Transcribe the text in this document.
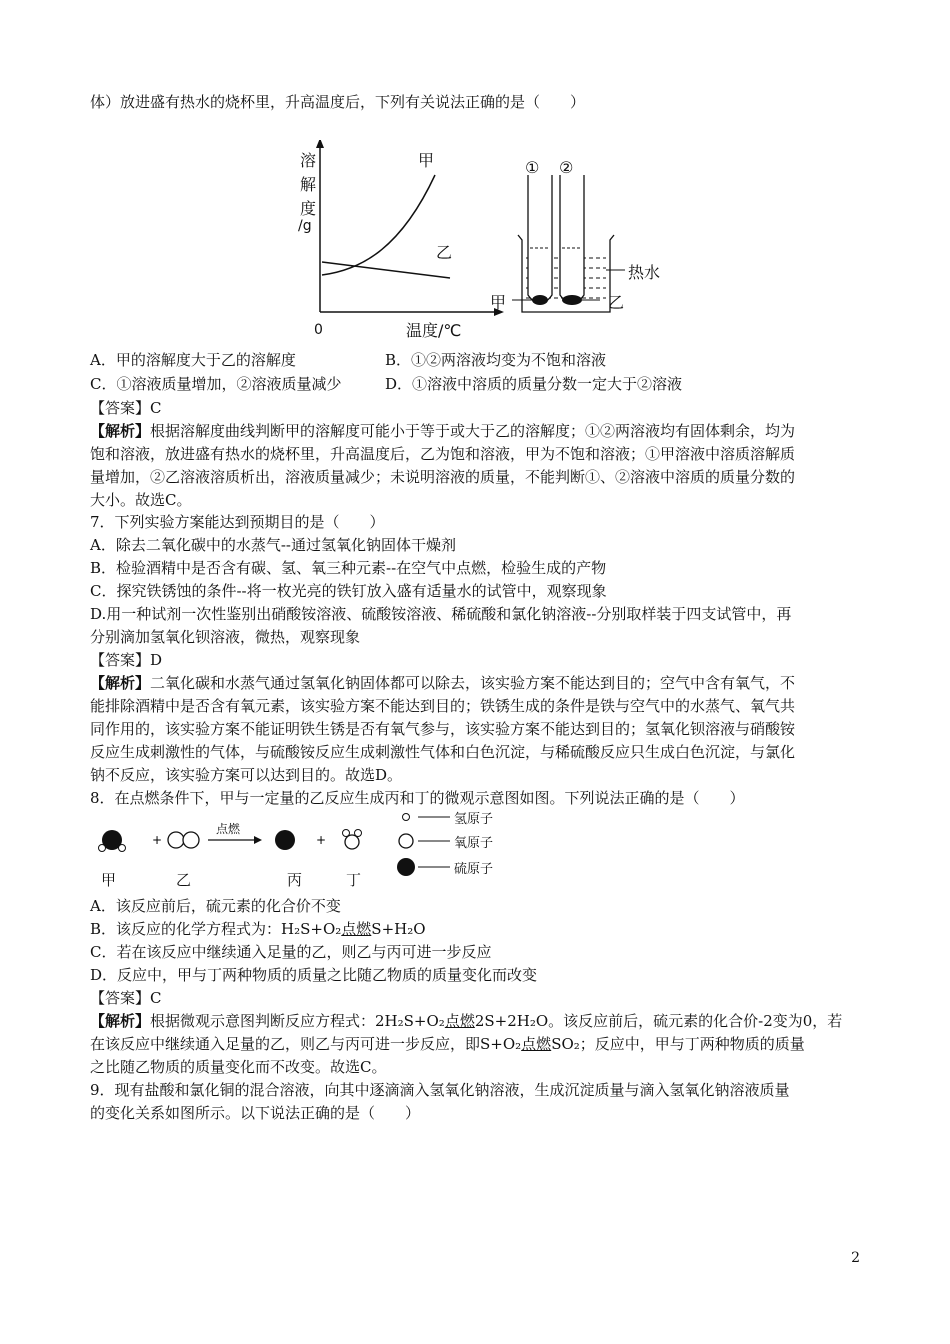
体）放进盛有热水的烧杯里，升高温度后，下列有关说法正确的是（　　）
溶
解
度
/g
0	温度/℃
甲
乙
① ②
热水
甲	乙
A．甲的溶解度大于乙的溶解度	B．①②两溶液均变为不饱和溶液
C．①溶液质量增加，②溶液质量减少	D．①溶液中溶质的质量分数一定大于②溶液
【答案】C
【解析】根据溶解度曲线判断甲的溶解度可能小于等于或大于乙的溶解度；①②两溶液均有固体剩余，均为
饱和溶液，放进盛有热水的烧杯里，升高温度后，乙为饱和溶液，甲为不饱和溶液；①甲溶液中溶质溶解质
量增加，②乙溶液溶质析出，溶液质量减少；未说明溶液的质量，不能判断①、②溶液中溶质的质量分数的
大小。故选C。
7．下列实验方案能达到预期目的是（　　）
A．除去二氧化碳中的水蒸气--通过氢氧化钠固体干燥剂
B．检验酒精中是否含有碳、氢、氧三种元素--在空气中点燃，检验生成的产物
C．探究铁锈蚀的条件--将一枚光亮的铁钉放入盛有适量水的试管中，观察现象
D.用一种试剂一次性鉴别出硝酸铵溶液、硫酸铵溶液、稀硫酸和氯化钠溶液--分别取样装于四支试管中，再
分别滴加氢氧化钡溶液，微热，观察现象
【答案】D
【解析】二氧化碳和水蒸气通过氢氧化钠固体都可以除去，该实验方案不能达到目的；空气中含有氧气，不
能排除酒精中是否含有氧元素，该实验方案不能达到目的；铁锈生成的条件是铁与空气中的水蒸气、氧气共
同作用的，该实验方案不能证明铁生锈是否有氧气参与，该实验方案不能达到目的；氢氧化钡溶液与硝酸铵
反应生成刺激性的气体，与硫酸铵反应生成刺激性气体和白色沉淀，与稀硫酸反应只生成白色沉淀，与氯化
钠不反应，该实验方案可以达到目的。故选D。
8．在点燃条件下，甲与一定量的乙反应生成丙和丁的微观示意图如图。下列说法正确的是（　　）
+	+
点燃
甲	乙	丙	丁
氢原子
氧原子
硫原子
A．该反应前后，硫元素的化合价不变
B．该反应的化学方程式为：H₂S+O₂点燃S+H₂O
C．若在该反应中继续通入足量的乙，则乙与丙可进一步反应
D．反应中，甲与丁两种物质的质量之比随乙物质的质量变化而改变
【答案】C
【解析】根据微观示意图判断反应方程式：2H₂S+O₂点燃2S+2H₂O。该反应前后，硫元素的化合价-2变为0，若
在该反应中继续通入足量的乙，则乙与丙可进一步反应，即S+O₂点燃SO₂；反应中，甲与丁两种物质的质量
之比随乙物质的质量变化而不改变。故选C。
9．现有盐酸和氯化铜的混合溶液，向其中逐滴滴入氢氧化钠溶液，生成沉淀质量与滴入氢氧化钠溶液质量
的变化关系如图所示。以下说法正确的是（　　）
2
